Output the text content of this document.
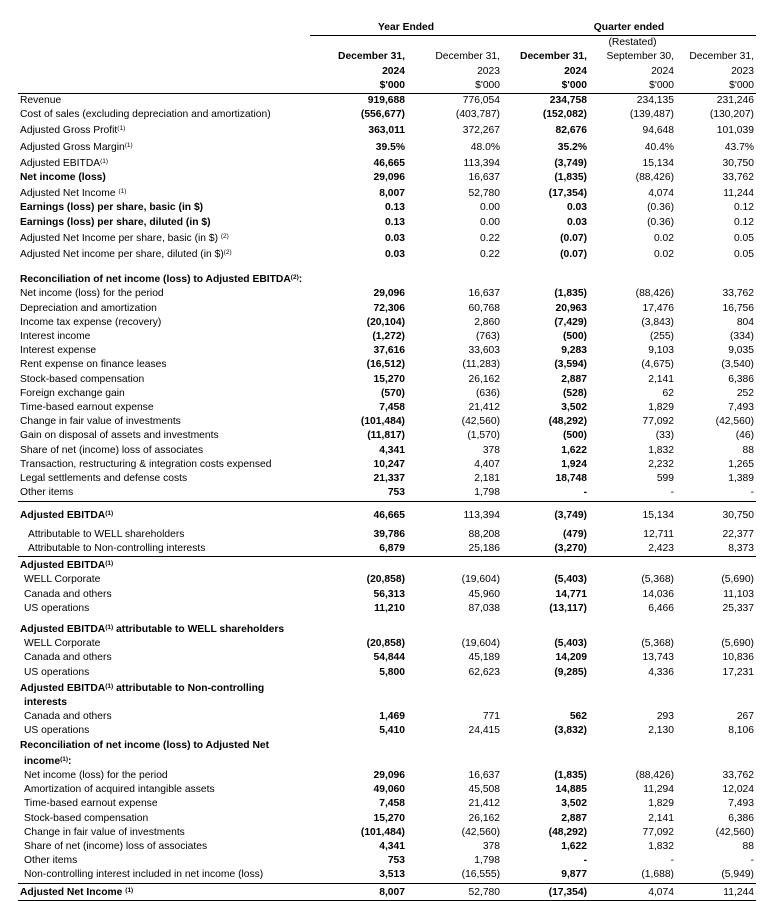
	Year Ended		Quarter ended		
				(Restated)	
	December 31,	December 31,	December 31,	September 30,	December 31,
	2024	2023	2024	2024	2023
	$'000	$'000	$'000	$'000	$'000
Revenue	919,688	776,054	234,758	234,135	231,246
Cost of sales (excluding depreciation and amortization)	(556,677)	(403,787)	(152,082)	(139,487)	(130,207)
Adjusted Gross Profit$^{(1)}$	363,011	372,267	82,676	94,648	101,039
Adjusted Gross Margin$^{(1)}$	39.5%	48.0%	35.2%	40.4%	43.7%
Adjusted EBITDA$^{(1)}$	46,665	113,394	(3,749)	15,134	30,750
Net income (loss)	29,096	16,637	(1,835)	(88,426)	33,762
Adjusted Net Income $^{(1)}$	8,007	52,780	(17,354)	4,074	11,244
Earnings (loss) per share, basic (in $)	0.13	0.00	0.03	(0.36)	0.12
Earnings (loss) per share, diluted (in $)	0.13	0.00	0.03	(0.36)	0.12
Adjusted Net Income per share, basic (in $) $^{(2)}$	0.03	0.22	(0.07)	0.02	0.05
Adjusted Net income per share, diluted (in $)$^{(2)}$	0.03	0.22	(0.07)	0.02	0.05

Reconciliation of net income (loss) to Adjusted EBITDA$^{(2)}$:					
Net income (loss) for the period	29,096	16,637	(1,835)	(88,426)	33,762
Depreciation and amortization	72,306	60,768	20,963	17,476	16,756
Income tax expense (recovery)	(20,104)	2,860	(7,429)	(3,843)	804
Interest income	(1,272)	(763)	(500)	(255)	(334)
Interest expense	37,616	33,603	9,283	9,103	9,035
Rent expense on finance leases	(16,512)	(11,283)	(3,594)	(4,675)	(3,540)
Stock-based compensation	15,270	26,162	2,887	2,141	6,386
Foreign exchange gain	(570)	(636)	(528)	62	252
Time-based earnout expense	7,458	21,412	3,502	1,829	7,493
Change in fair value of investments	(101,484)	(42,560)	(48,292)	77,092	(42,560)
Gain on disposal of assets and investments	(11,817)	(1,570)	(500)	(33)	(46)
Share of net (income) loss of associates	4,341	378	1,622	1,832	88
Transaction, restructuring & integration costs expensed	10,247	4,407	1,924	2,232	1,265
Legal settlements and defense costs	21,337	2,181	18,748	599	1,389
Other items	753	1,798	-	-	-

Adjusted EBITDA$^{(1)}$	46,665	113,394	(3,749)	15,134	30,750

Attributable to WELL shareholders	39,786	88,208	(479)	12,711	22,377
Attributable to Non-controlling interests	6,879	25,186	(3,270)	2,423	8,373
Adjusted EBITDA$^{(1)}$					
WELL Corporate	(20,858)	(19,604)	(5,403)	(5,368)	(5,690)
Canada and others	56,313	45,960	14,771	14,036	11,103
US operations	11,210	87,038	(13,117)	6,466	25,337

Adjusted EBITDA$^{(1)}$ attributable to WELL shareholders					
WELL Corporate	(20,858)	(19,604)	(5,403)	(5,368)	(5,690)
Canada and others	54,844	45,189	14,209	13,743	10,836
US operations	5,800	62,623	(9,285)	4,336	17,231
Adjusted EBITDA$^{(1)}$ attributable to Non-controlling					
interests					
Canada and others	1,469	771	562	293	267
US operations	5,410	24,415	(3,832)	2,130	8,106
Reconciliation of net income (loss) to Adjusted Net					
income$^{(1)}$:					
Net income (loss) for the period	29,096	16,637	(1,835)	(88,426)	33,762
Amortization of acquired intangible assets	49,060	45,508	14,885	11,294	12,024
Time-based earnout expense	7,458	21,412	3,502	1,829	7,493
Stock-based compensation	15,270	26,162	2,887	2,141	6,386
Change in fair value of investments	(101,484)	(42,560)	(48,292)	77,092	(42,560)
Share of net (income) loss of associates	4,341	378	1,622	1,832	88
Other items	753	1,798	-	-	-
Non-controlling interest included in net income (loss)	3,513	(16,555)	9,877	(1,688)	(5,949)
Adjusted Net Income $^{(1)}$	8,007	52,780	(17,354)	4,074	11,244
